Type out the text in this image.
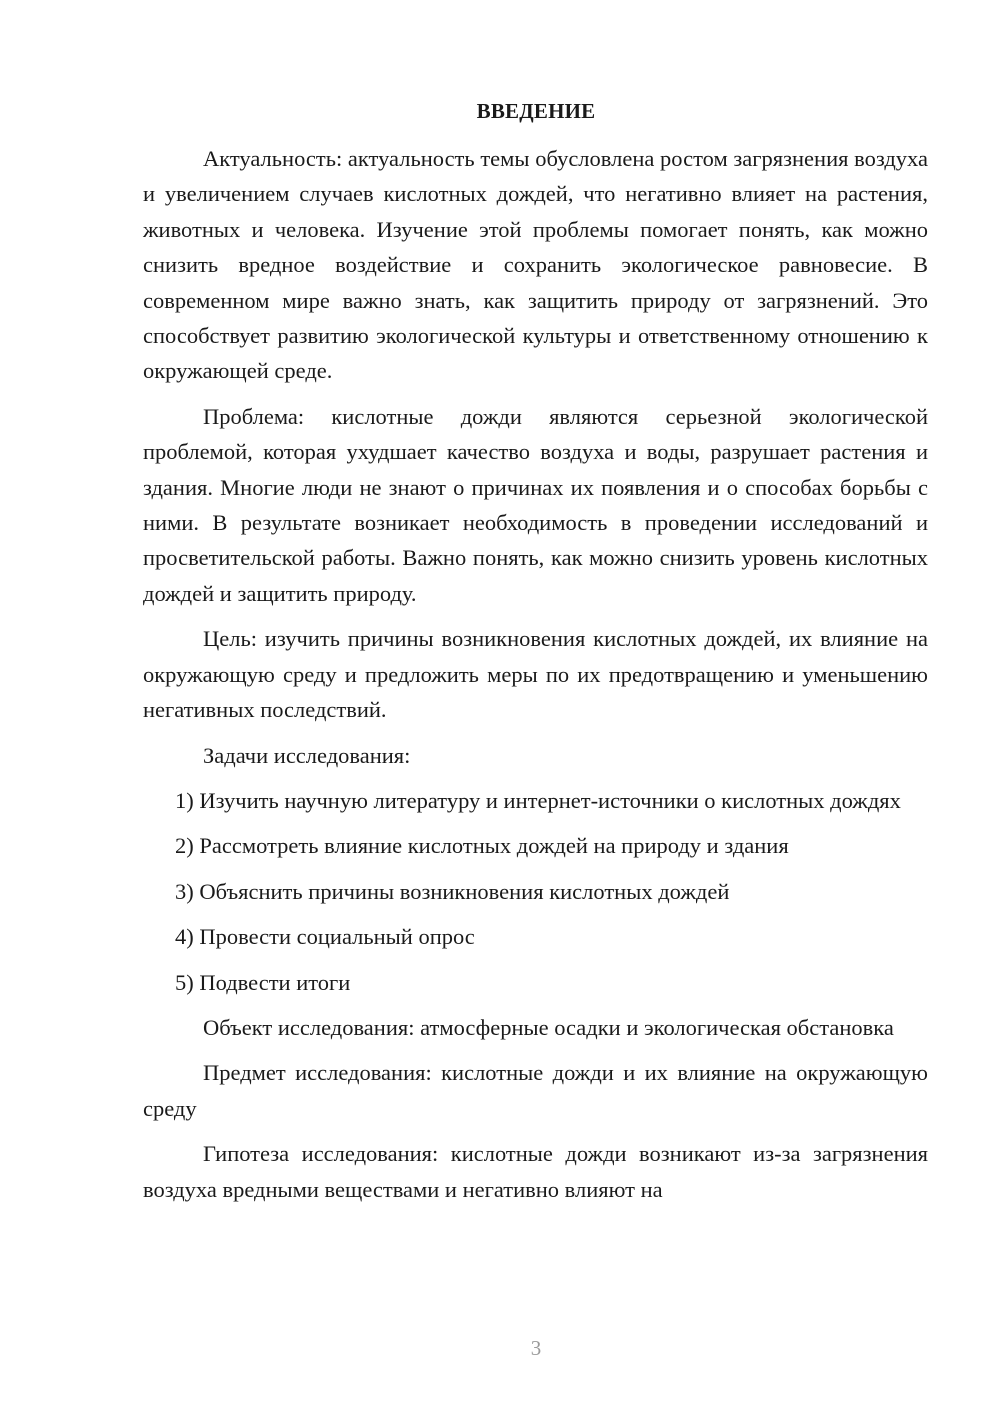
ВВЕДЕНИЕ

Актуальность: актуальность темы обусловлена ростом загрязнения воздуха и увеличением случаев кислотных дождей, что негативно влияет на растения, животных и человека. Изучение этой проблемы помогает понять, как можно снизить вредное воздействие и сохранить экологическое равновесие. В современном мире важно знать, как защитить природу от загрязнений. Это способствует развитию экологической культуры и ответственному отношению к окружающей среде.

Проблема: кислотные дожди являются серьезной экологической проблемой, которая ухудшает качество воздуха и воды, разрушает растения и здания. Многие люди не знают о причинах их появления и о способах борьбы с ними. В результате возникает необходимость в проведении исследований и просветительской работы. Важно понять, как можно снизить уровень кислотных дождей и защитить природу.

Цель: изучить причины возникновения кислотных дождей, их влияние на окружающую среду и предложить меры по их предотвращению и уменьшению негативных последствий.

Задачи исследования:

1) Изучить научную литературу и интернет-источники о кислотных дождях

2) Рассмотреть влияние кислотных дождей на природу и здания

3) Объяснить причины возникновения кислотных дождей

4) Провести социальный опрос

5) Подвести итоги

Объект исследования: атмосферные осадки и экологическая обстановка

Предмет исследования: кислотные дожди и их влияние на окружающую среду

Гипотеза исследования: кислотные дожди возникают из-за загрязнения воздуха вредными веществами и негативно влияют на

3
